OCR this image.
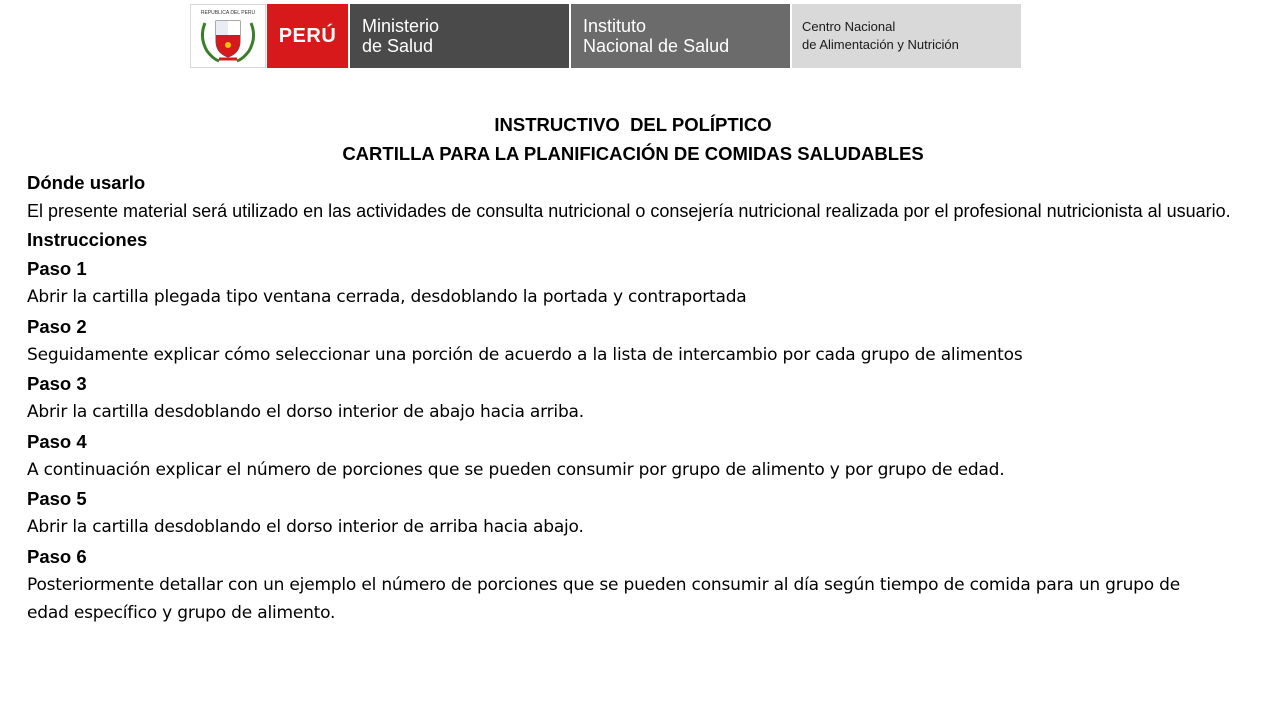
REPUBLICA DEL PERU
PERÚ Ministerio
de Salud
Instituto
Nacional de Salud
Centro Nacional
de Alimentación y Nutrición
INSTRUCTIVO  DEL POLÍPTICO
CARTILLA PARA LA PLANIFICACIÓN DE COMIDAS SALUDABLES
Dónde usarlo
El presente material será utilizado en las actividades de consulta nutricional o consejería nutricional realizada por el profesional nutricionista al usuario.
Instrucciones
Paso 1
Abrir la cartilla plegada tipo ventana cerrada, desdoblando la portada y contraportada
Paso 2
Seguidamente explicar cómo seleccionar una porción de acuerdo a la lista de intercambio por cada grupo de alimentos
Paso 3
Abrir la cartilla desdoblando el dorso interior de abajo hacia arriba.
Paso 4
A continuación explicar el número de porciones que se pueden consumir por grupo de alimento y por grupo de edad.
Paso 5
Abrir la cartilla desdoblando el dorso interior de arriba hacia abajo.
Paso 6
Posteriormente detallar con un ejemplo el número de porciones que se pueden consumir al día según tiempo de comida para un grupo de edad específico y grupo de alimento.
